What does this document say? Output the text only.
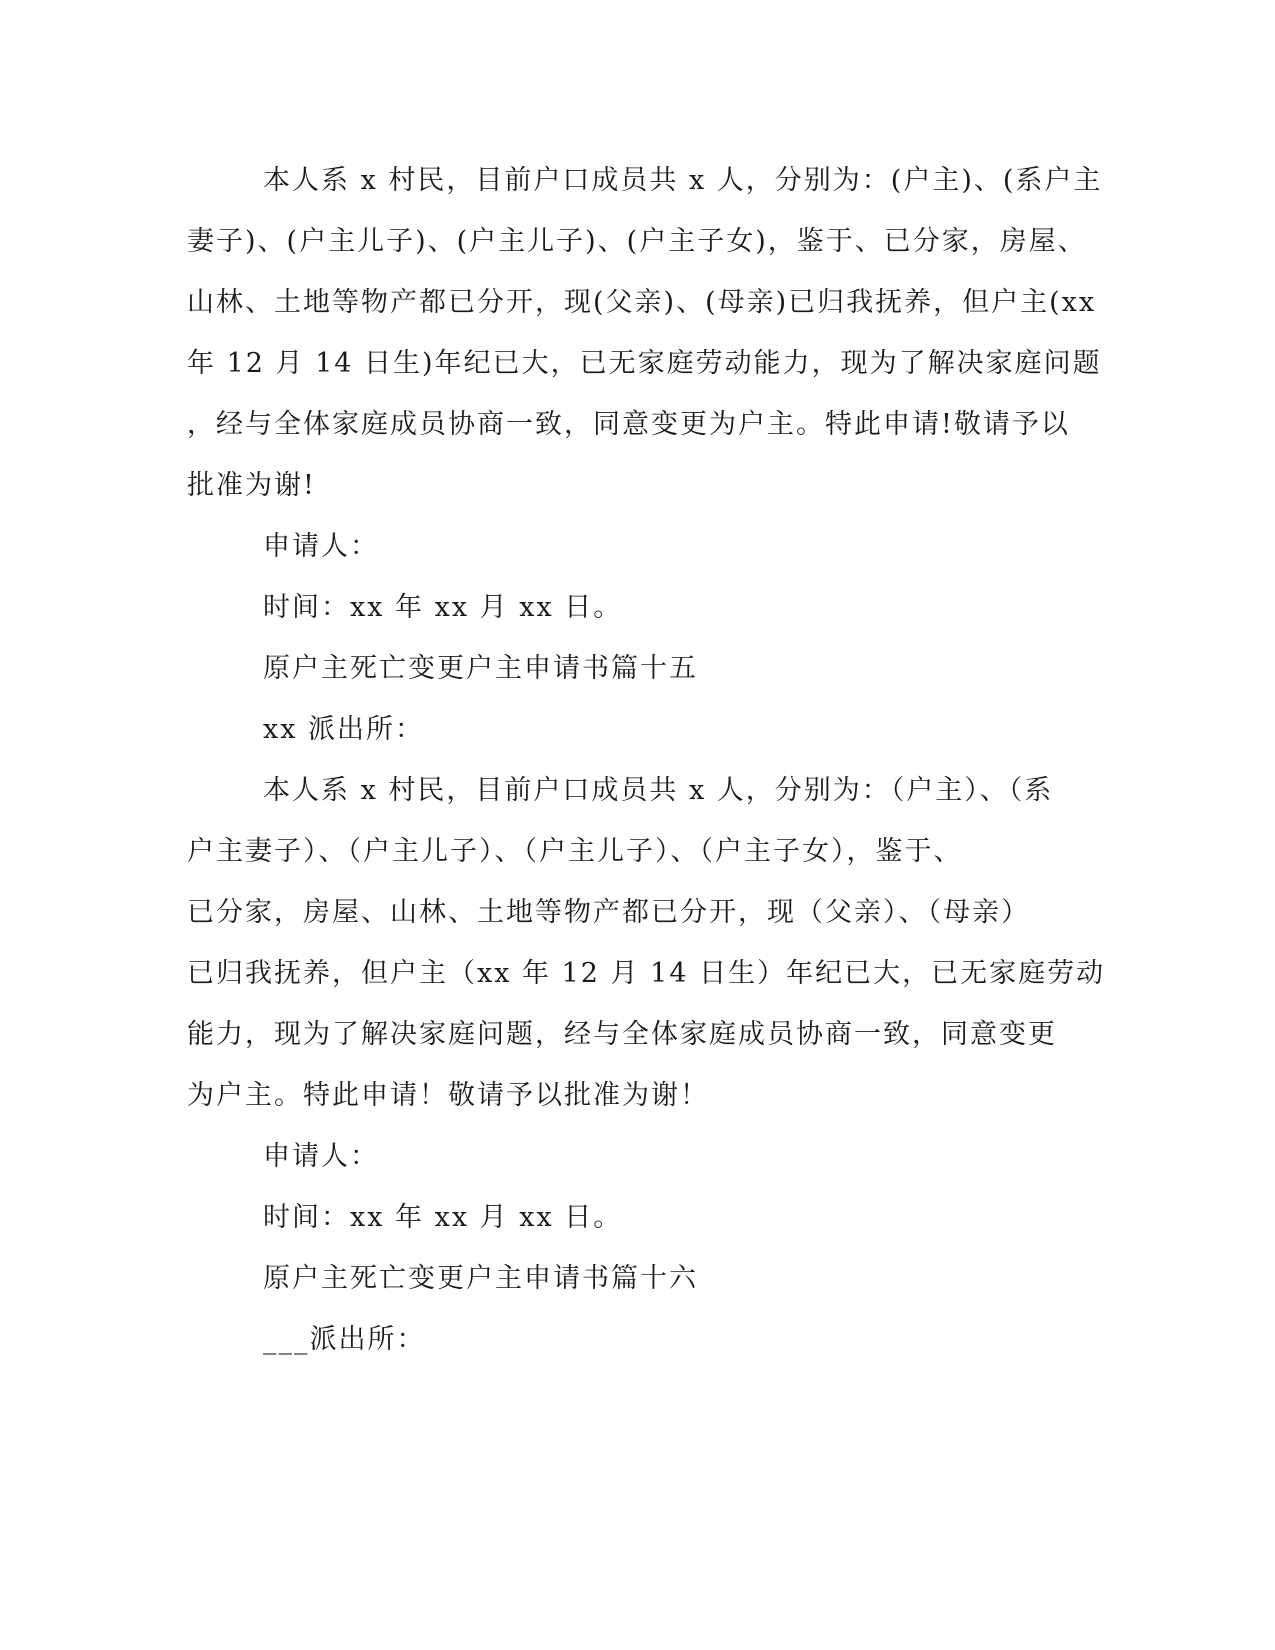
本人系 x 村民，目前户口成员共 x 人，分别为：(户主)、(系户主
妻子)、(户主儿子)、(户主儿子)、(户主子女)，鉴于、已分家，房屋、
山林、土地等物产都已分开，现(父亲)、(母亲)已归我抚养，但户主(xx
年 12 月 14 日生)年纪已大，已无家庭劳动能力，现为了解决家庭问题
，经与全体家庭成员协商一致，同意变更为户主。特此申请!敬请予以
批准为谢!
申请人：
时间：xx 年 xx 月 xx 日。
原户主死亡变更户主申请书篇十五
xx 派出所：
本人系 x 村民，目前户口成员共 x 人，分别为：（户主）、（系
户主妻子）、（户主儿子）、（户主儿子）、（户主子女），鉴于、
已分家，房屋、山林、土地等物产都已分开，现（父亲）、（母亲）
已归我抚养，但户主（xx 年 12 月 14 日生）年纪已大，已无家庭劳动
能力，现为了解决家庭问题，经与全体家庭成员协商一致，同意变更
为户主。特此申请！敬请予以批准为谢！
申请人：
时间：xx 年 xx 月 xx 日。
原户主死亡变更户主申请书篇十六
___派出所：
